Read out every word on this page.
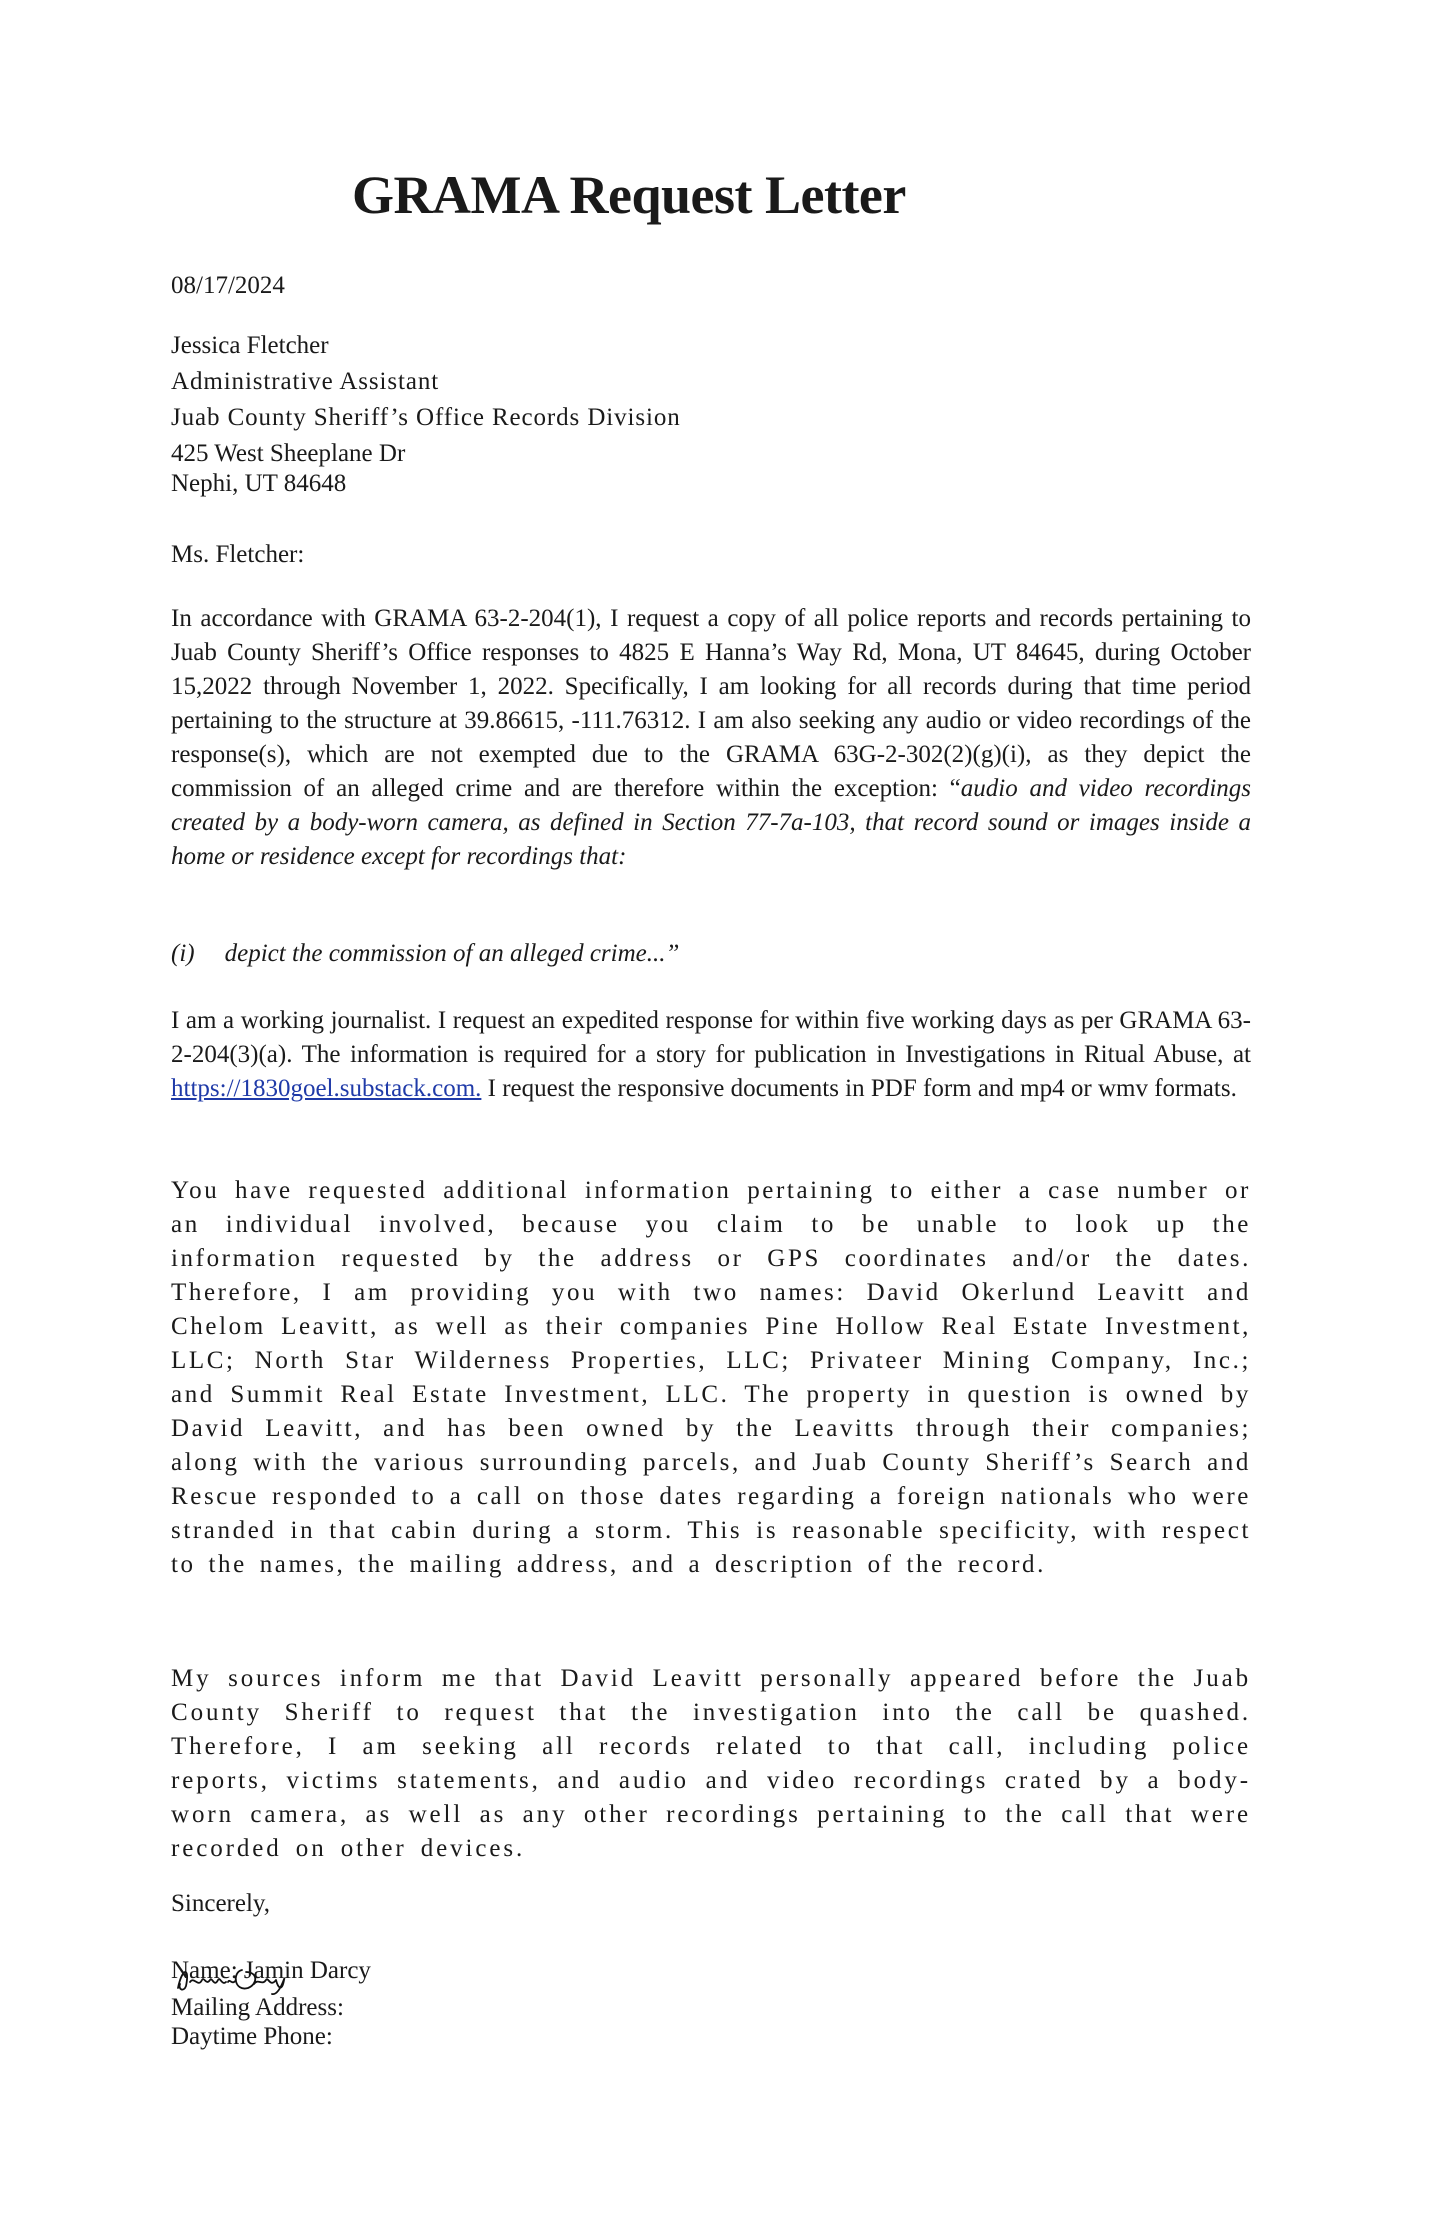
GRAMA Request Letter

08/17/2024

Jessica Fletcher

Administrative Assistant

Juab County Sheriff’s Office Records Division

425 West Sheeplane Dr

Nephi, UT 84648

Ms. Fletcher:

In accordance with GRAMA 63-2-204(1), I request a copy of all police reports and records pertaining to Juab County Sheriff’s Office responses to 4825 E Hanna’s Way Rd, Mona, UT 84645, during October 15,2022 through November 1, 2022. Specifically, I am looking for all records during that time period pertaining to the structure at 39.86615, -111.76312. I am also seeking any audio or video recordings of the response(s), which are not exempted due to the GRAMA 63G-2-302(2)(g)(i), as they depict the commission of an alleged crime and are therefore within the exception: “audio and video recordings created by a body-worn camera, as defined in Section 77-7a-103, that record sound or images inside a home or residence except for recordings that:

(i) depict the commission of an alleged crime...”

I am a working journalist. I request an expedited response for within five working days as per GRAMA 63-2-204(3)(a). The information is required for a story for publication in Investigations in Ritual Abuse, at https://1830goel.substack.com. I request the responsive documents in PDF form and mp4 or wmv formats.

You have requested additional information pertaining to either a case number or an individual involved, because you claim to be unable to look up the information requested by the address or GPS coordinates and/or the dates. Therefore, I am providing you with two names: David Okerlund Leavitt and Chelom Leavitt, as well as their companies Pine Hollow Real Estate Investment, LLC; North Star Wilderness Properties, LLC; Privateer Mining Company, Inc.; and Summit Real Estate Investment, LLC. The property in question is owned by David Leavitt, and has been owned by the Leavitts through their companies; along with the various surrounding parcels, and Juab County Sheriff’s Search and Rescue responded to a call on those dates regarding a foreign nationals who were stranded in that cabin during a storm. This is reasonable specificity, with respect to the names, the mailing address, and a description of the record.

My sources inform me that David Leavitt personally appeared before the Juab County Sheriff to request that the investigation into the call be quashed. Therefore, I am seeking all records related to that call, including police reports, victims statements, and audio and video recordings crated by a body-worn camera, as well as any other recordings pertaining to the call that were recorded on other devices.

Sincerely,

Name: Jamin Darcy

Mailing Address:

Daytime Phone:
